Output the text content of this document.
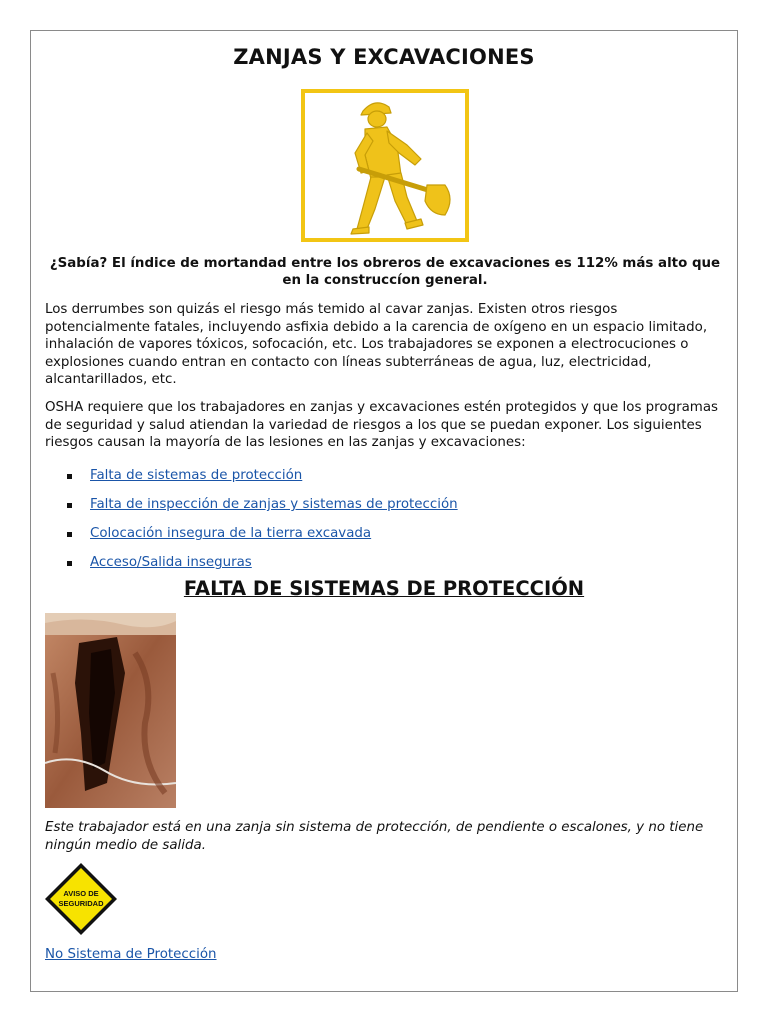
ZANJAS Y EXCAVACIONES
¿Sabía? El índice de mortandad entre los obreros de excavaciones es 112% más alto que en la construccíon general.
Los derrumbes son quizás el riesgo más temido al cavar zanjas. Existen otros riesgos potencialmente fatales, incluyendo asfixia debido a la carencia de oxígeno en un espacio limitado, inhalación de vapores tóxicos, sofocación, etc. Los trabajadores se exponen a electrocuciones o explosiones cuando entran en contacto con líneas subterráneas de agua, luz, electricidad, alcantarillados, etc.
OSHA requiere que los trabajadores en zanjas y excavaciones estén protegidos y que los programas de seguridad y salud atiendan la variedad de riesgos a los que se puedan exponer. Los siguientes riesgos causan la mayoría de las lesiones en las zanjas y excavaciones:
Falta de sistemas de protección
Falta de inspección de zanjas y sistemas de protección
Colocación insegura de la tierra excavada
Acceso/Salida inseguras
FALTA DE SISTEMAS DE PROTECCIÓN
Este trabajador está en una zanja sin sistema de protección, de pendiente o escalones, y no tiene ningún medio de salida.
AVISO DE
SEGURIDAD
No Sistema de Protección
